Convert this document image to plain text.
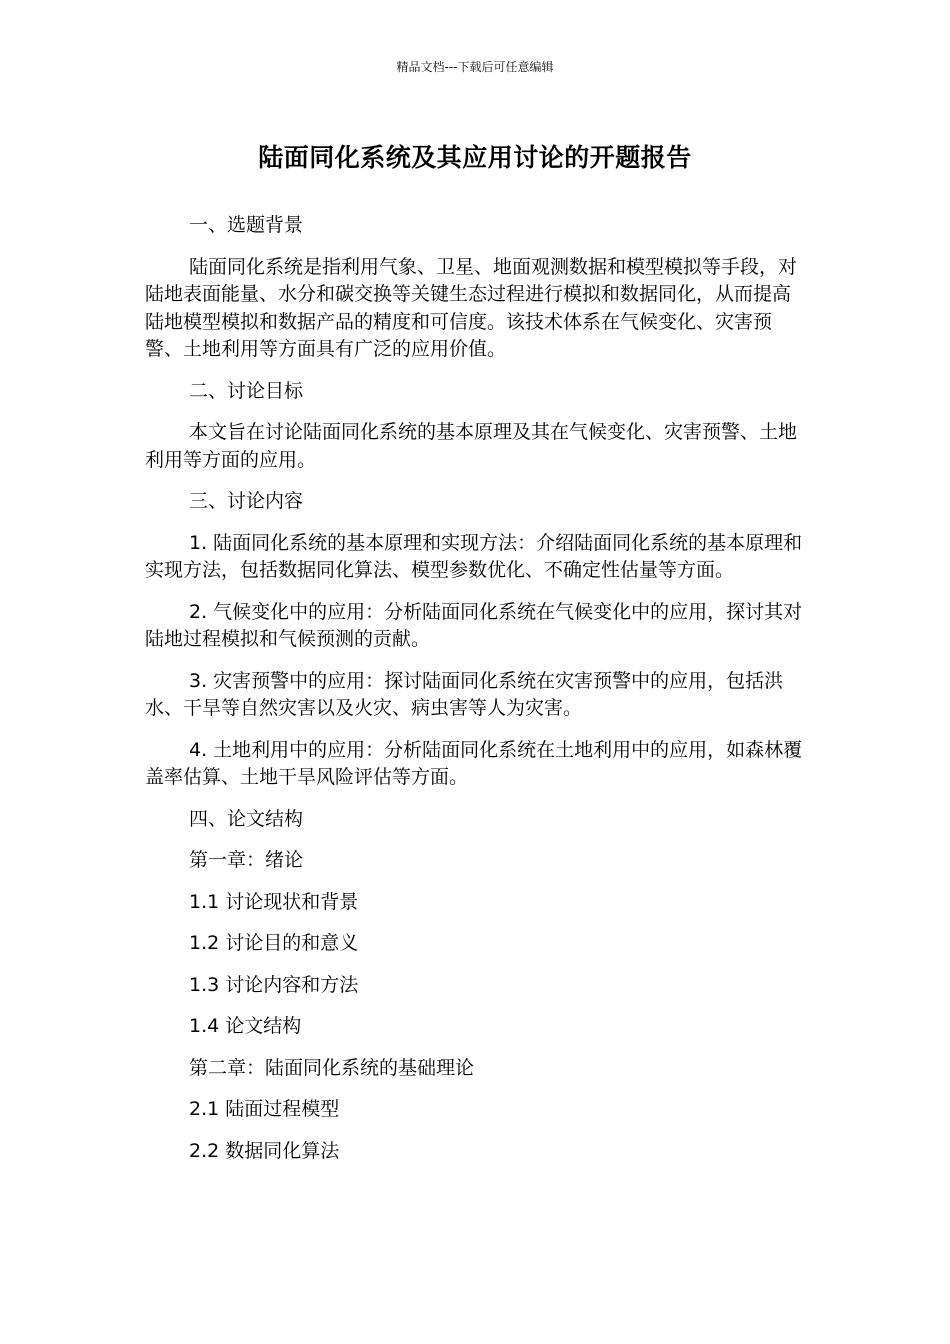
精品文档---下载后可任意编辑
陆面同化系统及其应用讨论的开题报告

一、选题背景

陆面同化系统是指利用气象、卫星、地面观测数据和模型模拟等手段，对陆地表面能量、水分和碳交换等关键生态过程进行模拟和数据同化，从而提高陆地模型模拟和数据产品的精度和可信度。该技术体系在气候变化、灾害预警、土地利用等方面具有广泛的应用价值。

二、讨论目标

本文旨在讨论陆面同化系统的基本原理及其在气候变化、灾害预警、土地利用等方面的应用。

三、讨论内容

1. 陆面同化系统的基本原理和实现方法：介绍陆面同化系统的基本原理和实现方法，包括数据同化算法、模型参数优化、不确定性估量等方面。

2. 气候变化中的应用：分析陆面同化系统在气候变化中的应用，探讨其对陆地过程模拟和气候预测的贡献。

3. 灾害预警中的应用：探讨陆面同化系统在灾害预警中的应用，包括洪水、干旱等自然灾害以及火灾、病虫害等人为灾害。

4. 土地利用中的应用：分析陆面同化系统在土地利用中的应用，如森林覆盖率估算、土地干旱风险评估等方面。

四、论文结构

第一章：绪论

1.1 讨论现状和背景

1.2 讨论目的和意义

1.3 讨论内容和方法

1.4 论文结构

第二章：陆面同化系统的基础理论

2.1 陆面过程模型

2.2 数据同化算法
